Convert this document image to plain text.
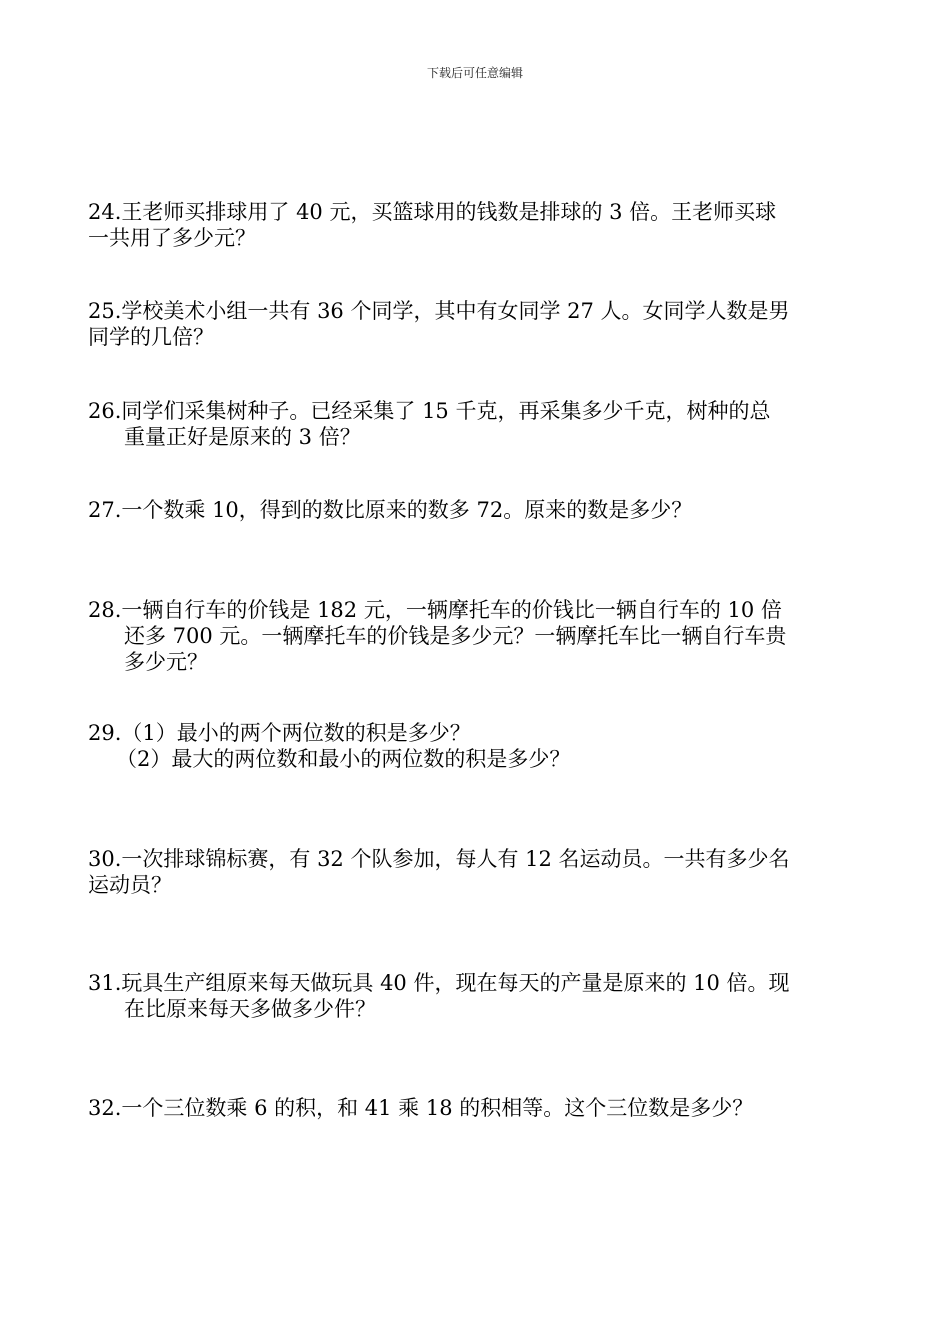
下载后可任意编辑
24.王老师买排球用了 40 元，买篮球用的钱数是排球的 3 倍。王老师买球
一共用了多少元？
25.学校美术小组一共有 36 个同学，其中有女同学 27 人。女同学人数是男
同学的几倍？
26.同学们采集树种子。已经采集了 15 千克，再采集多少千克，树种的总
重量正好是原来的 3 倍？
27.一个数乘 10，得到的数比原来的数多 72。原来的数是多少？
28.一辆自行车的价钱是 182 元，一辆摩托车的价钱比一辆自行车的 10 倍
还多 700 元。一辆摩托车的价钱是多少元？一辆摩托车比一辆自行车贵
多少元？
29.（1）最小的两个两位数的积是多少？
（2）最大的两位数和最小的两位数的积是多少？
30.一次排球锦标赛，有 32 个队参加，每人有 12 名运动员。一共有多少名
运动员？
31.玩具生产组原来每天做玩具 40 件，现在每天的产量是原来的 10 倍。现
在比原来每天多做多少件？
32.一个三位数乘 6 的积，和 41 乘 18 的积相等。这个三位数是多少？
